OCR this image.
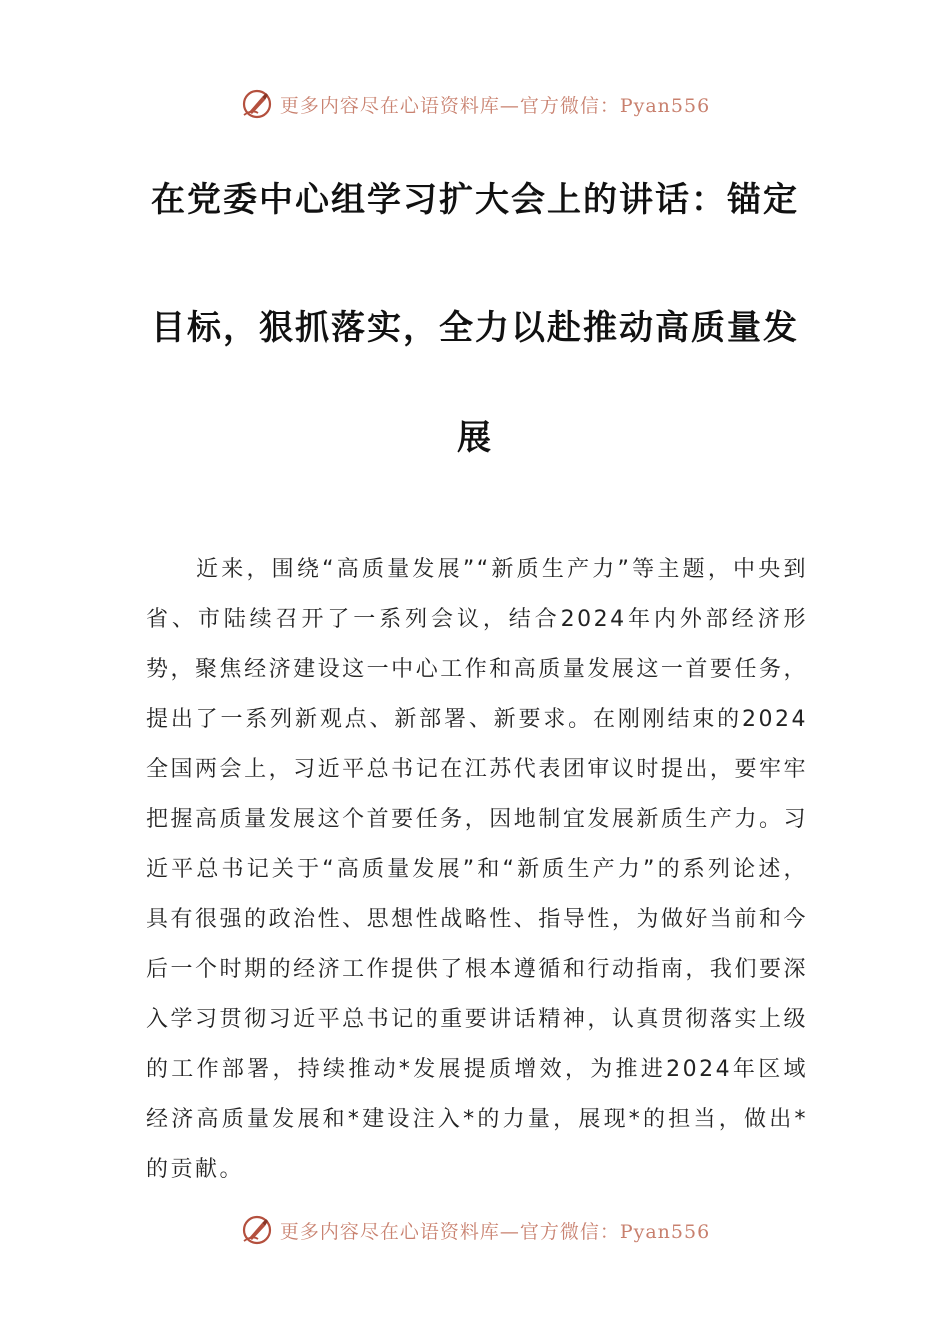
更多内容尽在心语资料库—官方微信：Pyan556
在党委中心组学习扩大会上的讲话：锚定
目标，狠抓落实，全力以赴推动高质量发
展

近来，围绕“高质量发展”“新质生产力”等主题，中央到省、市陆续召开了一系列会议，结合2024年内外部经济形势，聚焦经济建设这一中心工作和高质量发展这一首要任务，提出了一系列新观点、新部署、新要求。在刚刚结束的2024全国两会上，习近平总书记在江苏代表团审议时提出，要牢牢把握高质量发展这个首要任务，因地制宜发展新质生产力。习近平总书记关于“高质量发展”和“新质生产力”的系列论述，具有很强的政治性、思想性战略性、指导性，为做好当前和今后一个时期的经济工作提供了根本遵循和行动指南，我们要深入学习贯彻习近平总书记的重要讲话精神，认真贯彻落实上级的工作部署，持续推动*发展提质增效，为推进2024年区域经济高质量发展和*建设注入*的力量，展现*的担当，做出*的贡献。

更多内容尽在心语资料库—官方微信：Pyan556
